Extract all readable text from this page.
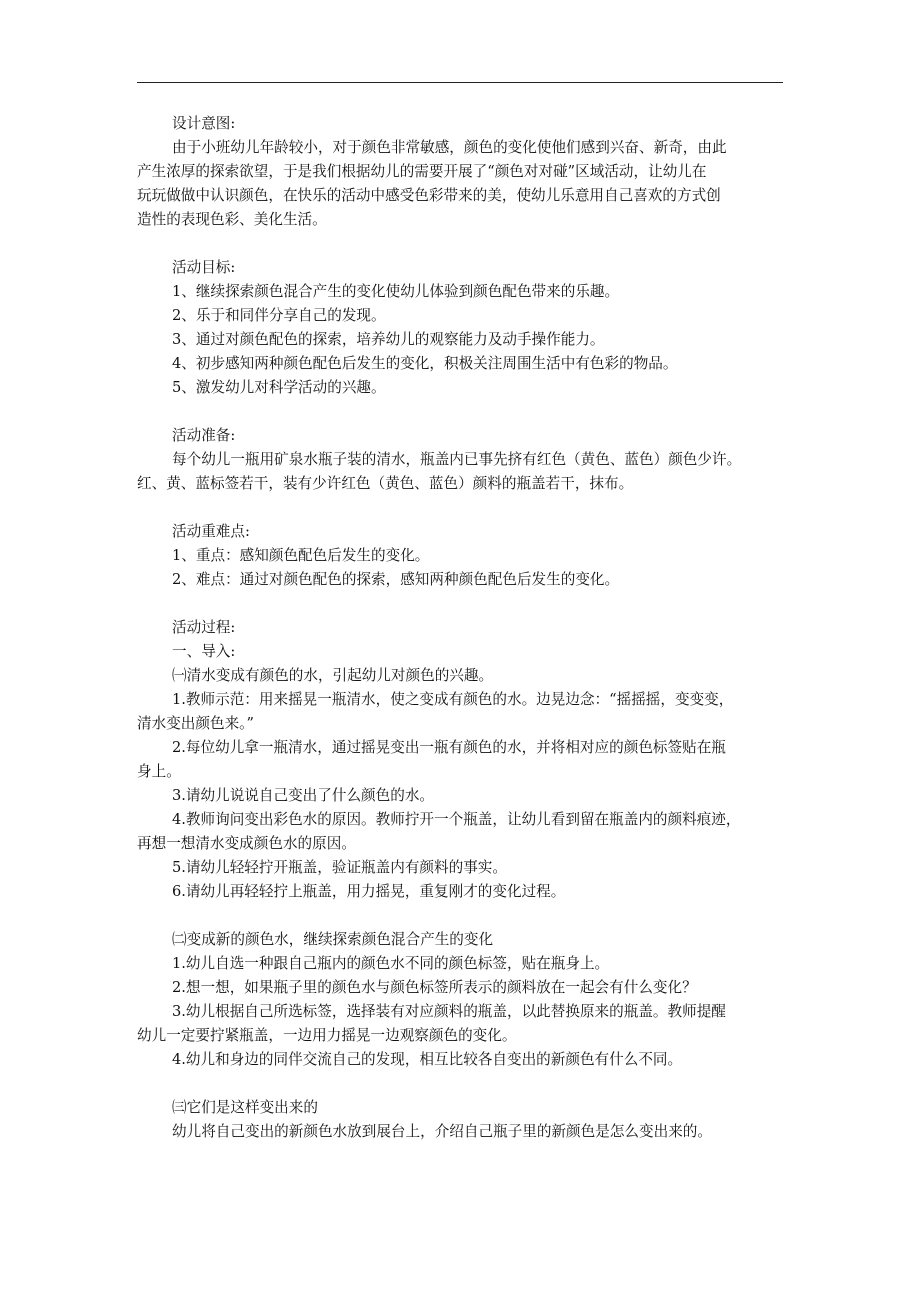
设计意图:
由于小班幼儿年龄较小，对于颜色非常敏感，颜色的变化使他们感到兴奋、新奇，由此
产生浓厚的探索欲望，于是我们根据幼儿的需要开展了“颜色对对碰”区域活动，让幼儿在
玩玩做做中认识颜色，在快乐的活动中感受色彩带来的美，使幼儿乐意用自己喜欢的方式创
造性的表现色彩、美化生活。
活动目标:
1、继续探索颜色混合产生的变化使幼儿体验到颜色配色带来的乐趣。
2、乐于和同伴分享自己的发现。
3、通过对颜色配色的探索，培养幼儿的观察能力及动手操作能力。
4、初步感知两种颜色配色后发生的变化，积极关注周围生活中有色彩的物品。
5、激发幼儿对科学活动的兴趣。
活动准备:
每个幼儿一瓶用矿泉水瓶子装的清水，瓶盖内已事先挤有红色（黄色、蓝色）颜色少许。
红、黄、蓝标签若干，装有少许红色（黄色、蓝色）颜料的瓶盖若干，抹布。
活动重难点:
1、重点：感知颜色配色后发生的变化。
2、难点：通过对颜色配色的探索，感知两种颜色配色后发生的变化。
活动过程:
一、导入:
㈠清水变成有颜色的水，引起幼儿对颜色的兴趣。
1.教师示范：用来摇晃一瓶清水，使之变成有颜色的水。边晃边念：“摇摇摇，变变变，
清水变出颜色来。”
2.每位幼儿拿一瓶清水，通过摇晃变出一瓶有颜色的水，并将相对应的颜色标签贴在瓶
身上。
3.请幼儿说说自己变出了什么颜色的水。
4.教师询问变出彩色水的原因。教师拧开一个瓶盖，让幼儿看到留在瓶盖内的颜料痕迹，
再想一想清水变成颜色水的原因。
5.请幼儿轻轻拧开瓶盖，验证瓶盖内有颜料的事实。
6.请幼儿再轻轻拧上瓶盖，用力摇晃，重复刚才的变化过程。
㈡变成新的颜色水，继续探索颜色混合产生的变化
1.幼儿自选一种跟自己瓶内的颜色水不同的颜色标签，贴在瓶身上。
2.想一想，如果瓶子里的颜色水与颜色标签所表示的颜料放在一起会有什么变化？
3.幼儿根据自己所选标签，选择装有对应颜料的瓶盖，以此替换原来的瓶盖。教师提醒
幼儿一定要拧紧瓶盖，一边用力摇晃一边观察颜色的变化。
4.幼儿和身边的同伴交流自己的发现，相互比较各自变出的新颜色有什么不同。
㈢它们是这样变出来的
幼儿将自己变出的新颜色水放到展台上，介绍自己瓶子里的新颜色是怎么变出来的。
